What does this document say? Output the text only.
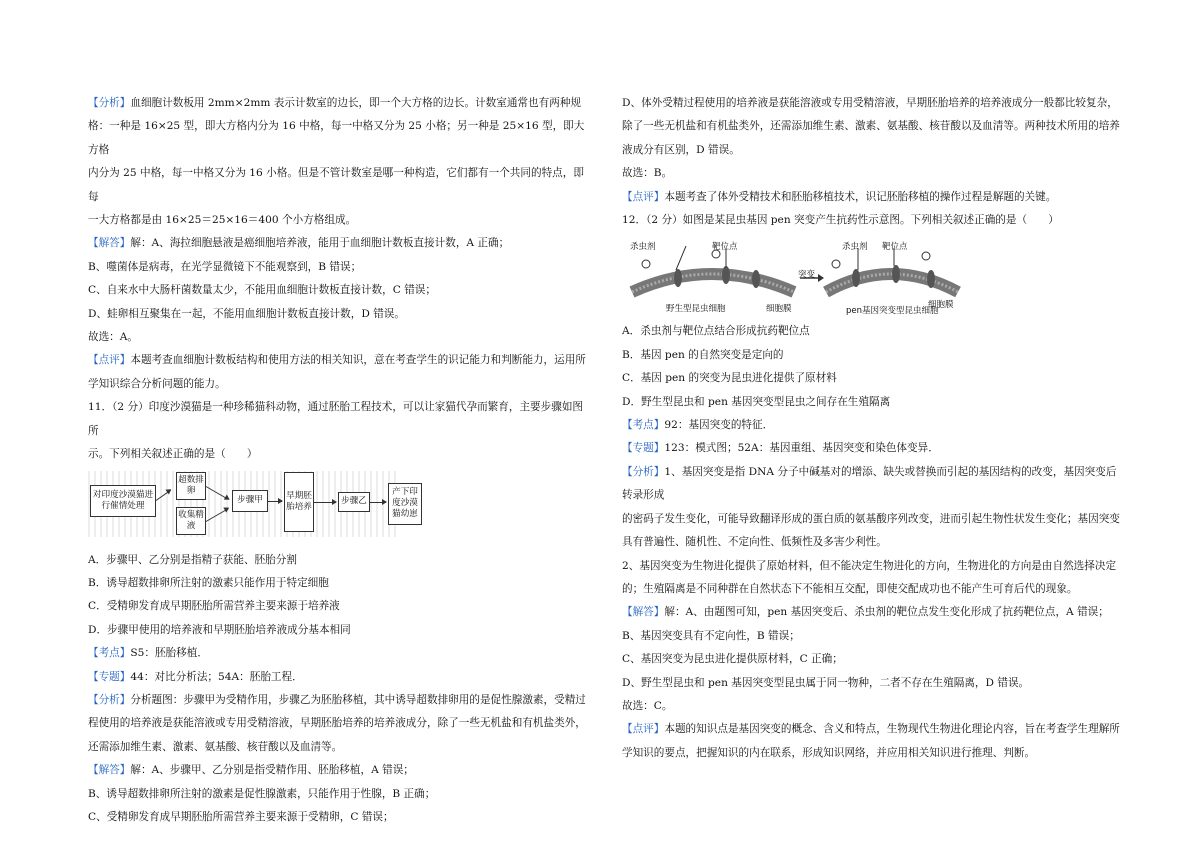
【分析】血细胞计数板用 2mm×2mm 表示计数室的边长，即一个大方格的边长。计数室通常也有两种规

格：一种是 16×25 型，即大方格内分为 16 中格，每一中格又分为 25 小格；另一种是 25×16 型，即大方格

内分为 25 中格，每一中格又分为 16 小格。但是不管计数室是哪一种构造，它们都有一个共同的特点，即每

一大方格都是由 16×25＝25×16＝400 个小方格组成。

【解答】解：A、海拉细胞悬液是癌细胞培养液，能用于血细胞计数板直接计数，A 正确；

B、噬菌体是病毒，在光学显微镜下不能观察到，B 错误；

C、自来水中大肠杆菌数量太少，不能用血细胞计数板直接计数，C 错误；

D、蛙卵相互聚集在一起，不能用血细胞计数板直接计数，D 错误。

故选：A。

【点评】本题考查血细胞计数板结构和使用方法的相关知识，意在考查学生的识记能力和判断能力，运用所

学知识综合分析问题的能力。

11．（2 分）印度沙漠猫是一种珍稀猫科动物，通过胚胎工程技术，可以让家猫代孕而繁育，主要步骤如图所

示。下列相关叙述正确的是（　　）

对印度沙漠猫进行催情处理
超数排卵
收集精液
步骤甲	早期胚胎培养
步骤乙
产下印度沙漠猫幼崽

A．步骤甲、乙分别是指精子获能、胚胎分割

B．诱导超数排卵所注射的激素只能作用于特定细胞

C．受精卵发育成早期胚胎所需营养主要来源于培养液

D．步骤甲使用的培养液和早期胚胎培养液成分基本相同

【考点】S5：胚胎移植．

【专题】44：对比分析法；54A：胚胎工程．

【分析】分析题图：步骤甲为受精作用，步骤乙为胚胎移植，其中诱导超数排卵用的是促性腺激素，受精过

程使用的培养液是获能溶液或专用受精溶液，早期胚胎培养的培养液成分，除了一些无机盐和有机盐类外，

还需添加维生素、激素、氨基酸、核苷酸以及血清等。

【解答】解：A、步骤甲、乙分别是指受精作用、胚胎移植，A 错误；

B、诱导超数排卵所注射的激素是促性腺激素，只能作用于性腺，B 正确；

C、受精卵发育成早期胚胎所需营养主要来源于受精卵，C 错误；

D、体外受精过程使用的培养液是获能溶液或专用受精溶液，早期胚胎培养的培养液成分一般都比较复杂，

除了一些无机盐和有机盐类外，还需添加维生素、激素、氨基酸、核苷酸以及血清等。两种技术所用的培养

液成分有区别，D 错误。

故选：B。

【点评】本题考查了体外受精技术和胚胎移植技术，识记胚胎移植的操作过程是解题的关键。

12．（2 分）如图是某昆虫基因 pen 突变产生抗药性示意图。下列相关叙述正确的是（　　）

杀虫剂	靶位点
野生型昆虫细胞	细胞膜
突变
杀虫剂 靶位点
pen基因突变型昆虫细胞
细胞膜

A．杀虫剂与靶位点结合形成抗药靶位点

B．基因 pen 的自然突变是定向的

C．基因 pen 的突变为昆虫进化提供了原材料

D．野生型昆虫和 pen 基因突变型昆虫之间存在生殖隔离

【考点】92：基因突变的特征．

【专题】123：模式图；52A：基因重组、基因突变和染色体变异．

【分析】1、基因突变是指 DNA 分子中碱基对的增添、缺失或替换而引起的基因结构的改变，基因突变后转录形成

的密码子发生变化，可能导致翻译形成的蛋白质的氨基酸序列改变，进而引起生物性状发生变化；基因突变

具有普遍性、随机性、不定向性、低频性及多害少利性。

2、基因突变为生物进化提供了原始材料，但不能决定生物进化的方向，生物进化的方向是由自然选择决定

的；生殖隔离是不同种群在自然状态下不能相互交配，即使交配成功也不能产生可育后代的现象。

【解答】解：A、由题图可知，pen 基因突变后、杀虫剂的靶位点发生变化形成了抗药靶位点，A 错误；

B、基因突变具有不定向性，B 错误；

C、基因突变为昆虫进化提供原材料，C 正确；

D、野生型昆虫和 pen 基因突变型昆虫属于同一物种，二者不存在生殖隔离，D 错误。

故选：C。

【点评】本题的知识点是基因突变的概念、含义和特点，生物现代生物进化理论内容，旨在考查学生理解所

学知识的要点，把握知识的内在联系，形成知识网络，并应用相关知识进行推理、判断。
